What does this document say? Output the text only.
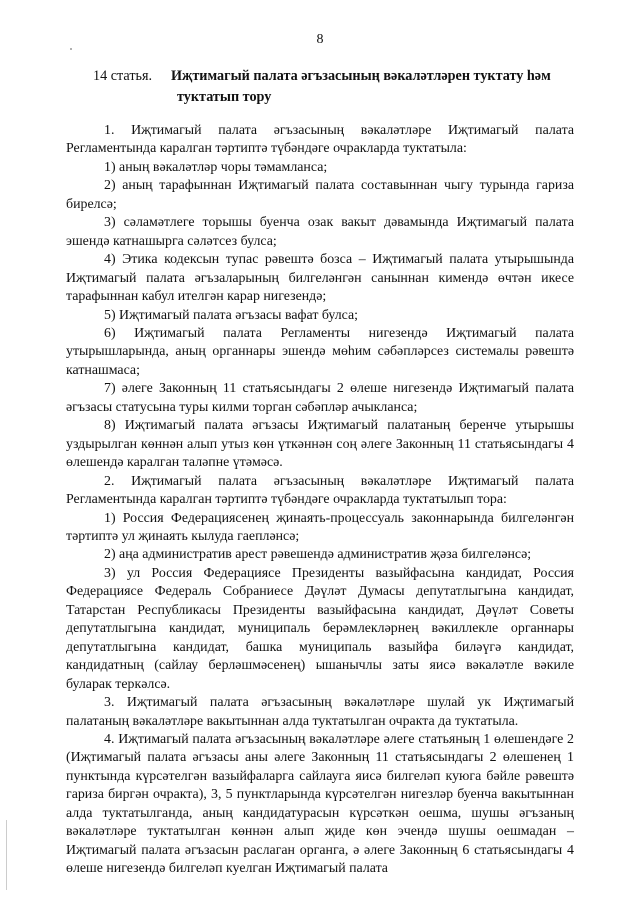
8
14 статья. Иҗтимагый палата әгъзасының вәкаләтләрен туктату һәм
туктатып тору

1. Иҗтимагый палата әгъзасының вәкаләтләре Иҗтимагый палата Регламентында каралган тәртиптә түбәндәге очракларда туктатыла:

1) аның вәкаләтләр чоры тәмамланса;

2) аның тарафыннан Иҗтимагый палата составыннан чыгу турында гариза бирелсә;

3) сәламәтлеге торышы буенча озак вакыт дәвамында Иҗтимагый палата эшендә катнашырга сәләтсез булса;

4) Этика кодексын тупас рәвештә бозса – Иҗтимагый палата утырышында Иҗтимагый палата әгъзаларының билгеләнгән саныннан кимендә өчтән икесе тарафыннан кабул ителгән карар нигезендә;

5) Иҗтимагый палата әгъзасы вафат булса;

6) Иҗтимагый палата Регламенты нигезендә Иҗтимагый палата утырышларында, аның органнары эшендә мөһим сәбәпләрсез системалы рәвештә катнашмаса;

7) әлеге Законның 11 статьясындагы 2 өлеше нигезендә Иҗтимагый палата әгъзасы статусына туры килми торган сәбәпләр ачыкланса;

8) Иҗтимагый палата әгъзасы Иҗтимагый палатаның беренче утырышы уздырылган көннән алып утыз көн үткәннән соң әлеге Законның 11 статьясындагы 4 өлешендә каралган таләпне үтәмәсә.

2. Иҗтимагый палата әгъзасының вәкаләтләре Иҗтимагый палата Регламентында каралган тәртиптә түбәндәге очракларда туктатылып тора:

1) Россия Федерациясенең җинаять-процессуаль законнарында билгеләнгән тәртиптә ул җинаять кылуда гаепләнсә;

2) аңа административ арест рәвешендә административ җәза билгеләнсә;

3) ул Россия Федерациясе Президенты вазыйфасына кандидат, Россия Федерациясе Федераль Собраниесе Дәүләт Думасы депутатлыгына кандидат, Татарстан Республикасы Президенты вазыйфасына кандидат, Дәүләт Советы депутатлыгына кандидат, муниципаль берәмлекләрнең вәкиллекле органнары депутатлыгына кандидат, башка муниципаль вазыйфа биләүгә кандидат, кандидатның (сайлау берләшмәсенең) ышанычлы заты яисә вәкаләтле вәкиле буларак теркәлсә.

3. Иҗтимагый палата әгъзасының вәкаләтләре шулай ук Иҗтимагый палатаның вәкаләтләре вакытыннан алда туктатылган очракта да туктатыла.

4. Иҗтимагый палата әгъзасының вәкаләтләре әлеге статьяның 1 өлешендәге 2 (Иҗтимагый палата әгъзасы аны әлеге Законның 11 статьясындагы 2 өлешенең 1 пунктында күрсәтелгән вазыйфаларга сайлауга яисә билгеләп куюга бәйле рәвештә гариза биргән очракта), 3, 5 пунктларында күрсәтелгән нигезләр буенча вакытыннан алда туктатылганда, аның кандидатурасын күрсәткән оешма, шушы әгъзаның вәкаләтләре туктатылган көннән алып җиде көн эчендә шушы оешмадан – Иҗтимагый палата әгъзасын раслаган органга, ә әлеге Законның 6 статьясындагы 4 өлеше нигезендә билгеләп куелган Иҗтимагый палата
